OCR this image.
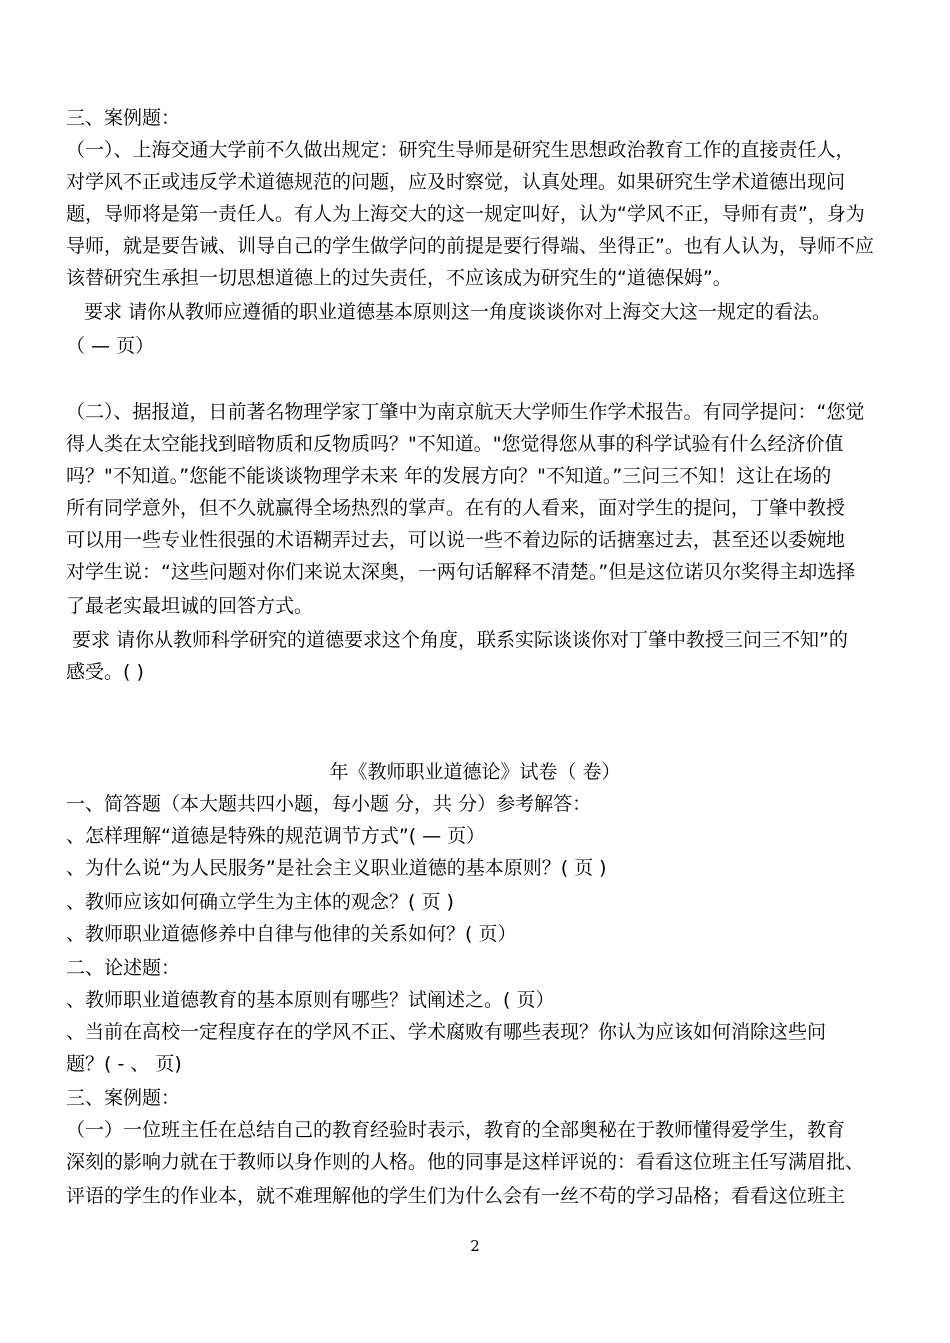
三、案例题：
（一）、上海交通大学前不久做出规定：研究生导师是研究生思想政治教育工作的直接责任人，
对学风不正或违反学术道德规范的问题，应及时察觉，认真处理。如果研究生学术道德出现问
题，导师将是第一责任人。有人为上海交大的这一规定叫好，认为“学风不正，导师有责”，身为
导师，就是要告诫、训导自己的学生做学问的前提是要行得端、坐得正”。也有人认为，导师不应
该替研究生承担一切思想道德上的过失责任，不应该成为研究生的“道德保姆”。
要求 请你从教师应遵循的职业道德基本原则这一角度谈谈你对上海交大这一规定的看法。
（ — 页）
（二）、据报道，日前著名物理学家丁肇中为南京航天大学师生作学术报告。有同学提问：“您觉
得人类在太空能找到暗物质和反物质吗？"不知道。"您觉得您从事的科学试验有什么经济价值
吗？"不知道。”您能不能谈谈物理学未来 年的发展方向？"不知道。”三问三不知！这让在场的
所有同学意外，但不久就赢得全场热烈的掌声。在有的人看来，面对学生的提问，丁肇中教授
可以用一些专业性很强的术语糊弄过去，可以说一些不着边际的话搪塞过去，甚至还以委婉地
对学生说：“这些问题对你们来说太深奥，一两句话解释不清楚。”但是这位诺贝尔奖得主却选择
了最老实最坦诚的回答方式。
要求 请你从教师科学研究的道德要求这个角度，联系实际谈谈你对丁肇中教授三问三不知”的
感受。( )
年《教师职业道德论》试卷（ 卷）
一、简答题（本大题共四小题，每小题 分，共 分）参考解答：
、怎样理解“道德是特殊的规范调节方式”( — 页）
、为什么说“为人民服务”是社会主义职业道德的基本原则？( 页 )
、教师应该如何确立学生为主体的观念？( 页 )
、教师职业道德修养中自律与他律的关系如何？( 页）
二、论述题：
、教师职业道德教育的基本原则有哪些？试阐述之。( 页）
、当前在高校一定程度存在的学风不正、学术腐败有哪些表现？你认为应该如何消除这些问
题？( - 、 页)
三、案例题：
（一）一位班主任在总结自己的教育经验时表示，教育的全部奥秘在于教师懂得爱学生，教育
深刻的影响力就在于教师以身作则的人格。他的同事是这样评说的：看看这位班主任写满眉批、
评语的学生的作业本，就不难理解他的学生们为什么会有一丝不苟的学习品格；看看这位班主
2
